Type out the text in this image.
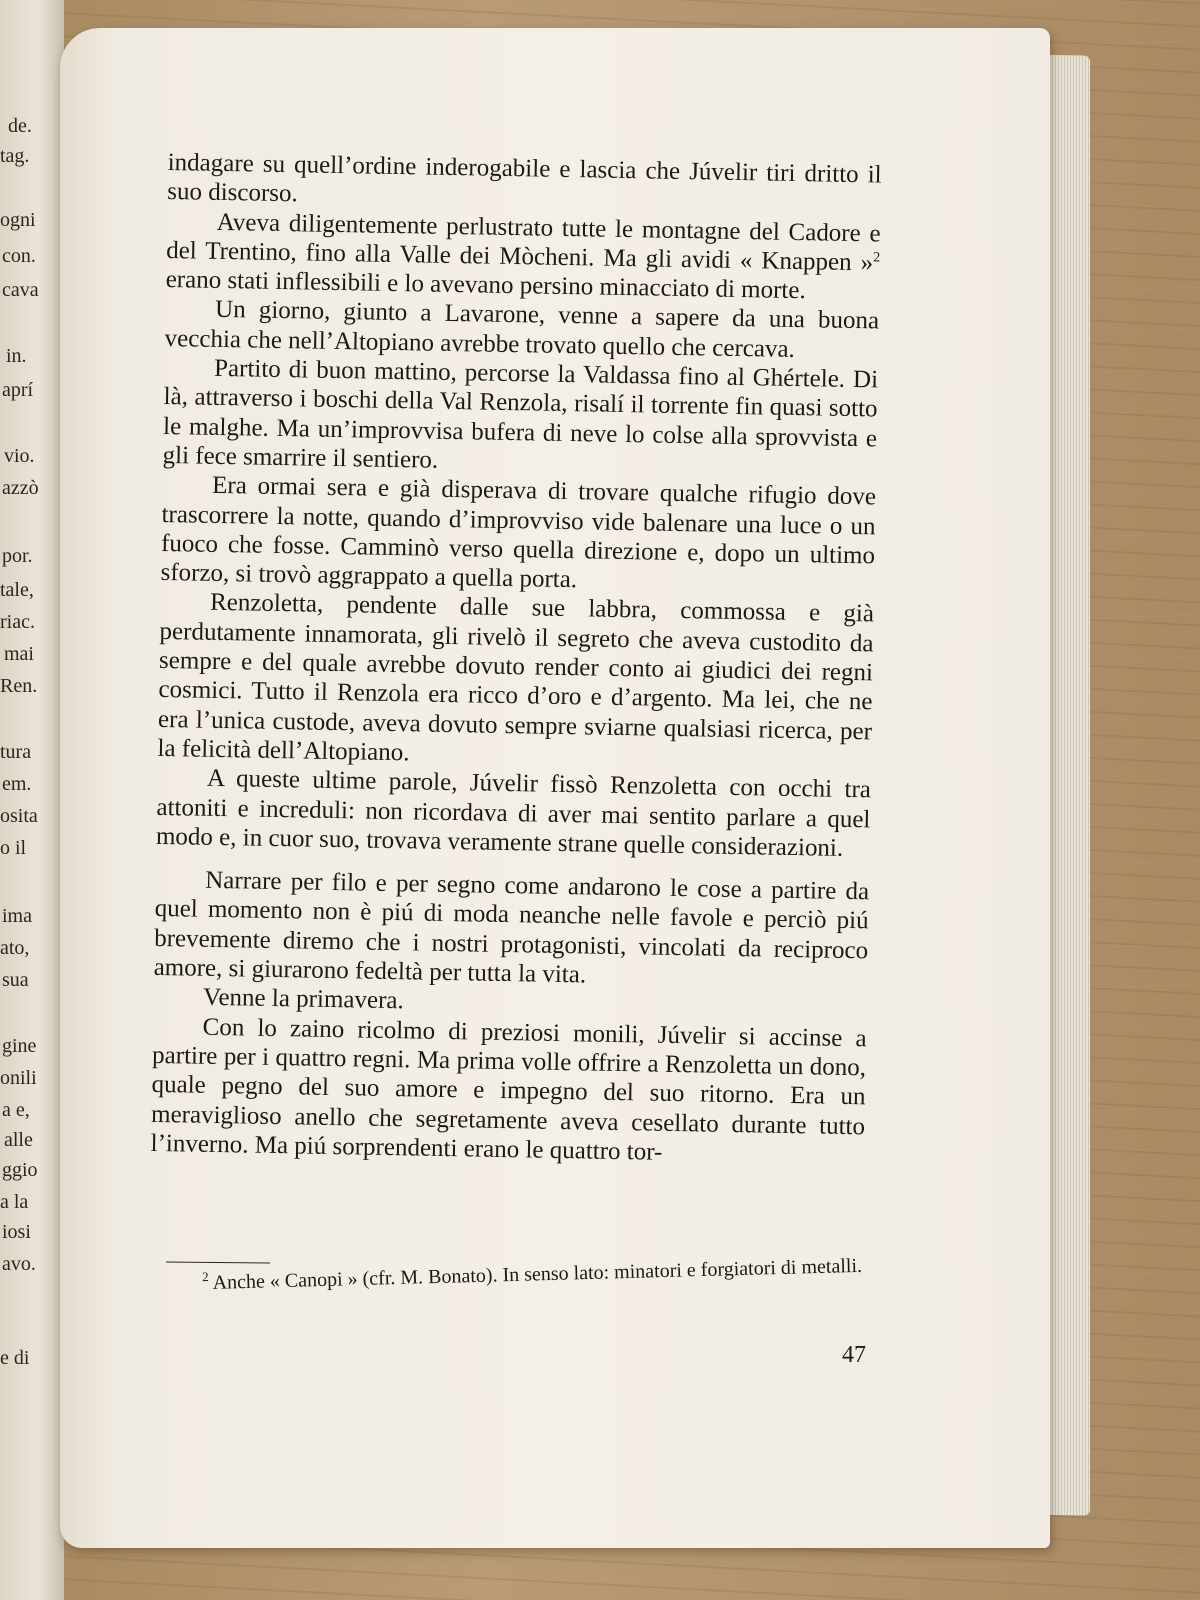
de.
tag.
ogni
con.
cava
in.
aprí
vio.
azzò
por.
tale,
riac.
mai
Ren.
tura
em.
osita
o il
ima
ato,
sua
gine
onili
a e,
alle
ggio
a la
iosi
avo.
e di

indagare su quell’ordine inderogabile e lascia che Júvelir tiri dritto il suo discorso.

Aveva diligentemente perlustrato tutte le montagne del Cadore e del Trentino, fino alla Valle dei Mòcheni. Ma gli avidi « Knappen »$^2$ erano stati inflessibili e lo avevano persino minacciato di morte.

Un giorno, giunto a Lavarone, venne a sapere da una buona vecchia che nell’Altopiano avrebbe trovato quello che cercava.

Partito di buon mattino, percorse la Valdassa fino al Ghértele. Di là, attraverso i boschi della Val Renzola, risalí il torrente fin quasi sotto le malghe. Ma un’improvvisa bufera di neve lo colse alla sprovvista e gli fece smarrire il sentiero.

Era ormai sera e già disperava di trovare qualche rifugio dove trascorrere la notte, quando d’improvviso vide balenare una luce o un fuoco che fosse. Camminò verso quella direzione e, dopo un ultimo sforzo, si trovò aggrappato a quella porta.

Renzoletta, pendente dalle sue labbra, commossa e già perdutamente innamorata, gli rivelò il segreto che aveva custodito da sempre e del quale avrebbe dovuto render conto ai giudici dei regni cosmici. Tutto il Renzola era ricco d’oro e d’argento. Ma lei, che ne era l’unica custode, aveva dovuto sempre sviarne qualsiasi ricerca, per la felicità dell’Altopiano.

A queste ultime parole, Júvelir fissò Renzoletta con occhi tra attoniti e increduli: non ricordava di aver mai sentito parlare a quel modo e, in cuor suo, trovava veramente strane quelle considerazioni.

Narrare per filo e per segno come andarono le cose a partire da quel momento non è piú di moda neanche nelle favole e perciò piú brevemente diremo che i nostri protagonisti, vincolati da reciproco amore, si giurarono fedeltà per tutta la vita.

Venne la primavera.

Con lo zaino ricolmo di preziosi monili, Júvelir si accinse a partire per i quattro regni. Ma prima volle offrire a Renzoletta un dono, quale pegno del suo amore e impegno del suo ritorno. Era un meraviglioso anello che segretamente aveva cesellato durante tutto l’inverno. Ma piú sorprendenti erano le quattro tor-

$^2$ Anche « Canopi » (cfr. M. Bonato). In senso lato: minatori e forgiatori di metalli.
47
